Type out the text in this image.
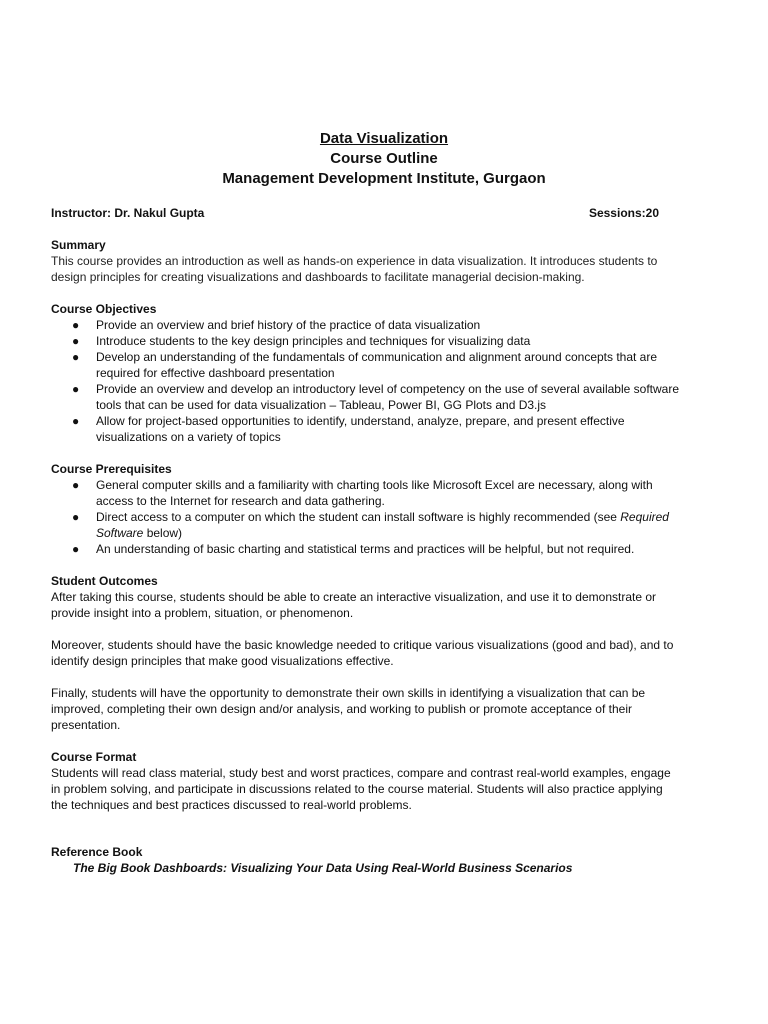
Data Visualization
Course Outline
Management Development Institute, Gurgaon
Instructor: Dr. Nakul Gupta	Sessions:20
Summary

This course provides an introduction as well as hands-on experience in data visualization. It introduces students to design principles for creating visualizations and dashboards to facilitate managerial decision-making.

Course Objectives
● Provide an overview and brief history of the practice of data visualization
● Introduce students to the key design principles and techniques for visualizing data
● Develop an understanding of the fundamentals of communication and alignment around concepts that are required for effective dashboard presentation
● Provide an overview and develop an introductory level of competency on the use of several available software tools that can be used for data visualization – Tableau, Power BI, GG Plots and D3.js
● Allow for project-based opportunities to identify, understand, analyze, prepare, and present effective visualizations on a variety of topics
Course Prerequisites
● General computer skills and a familiarity with charting tools like Microsoft Excel are necessary, along with access to the Internet for research and data gathering.
● Direct access to a computer on which the student can install software is highly recommended (see Required Software below)
● An understanding of basic charting and statistical terms and practices will be helpful, but not required.
Student Outcomes

After taking this course, students should be able to create an interactive visualization, and use it to demonstrate or provide insight into a problem, situation, or phenomenon.

Moreover, students should have the basic knowledge needed to critique various visualizations (good and bad), and to identify design principles that make good visualizations effective.

Finally, students will have the opportunity to demonstrate their own skills in identifying a visualization that can be improved, completing their own design and/or analysis, and working to publish or promote acceptance of their presentation.

Course Format

Students will read class material, study best and worst practices, compare and contrast real-world examples, engage in problem solving, and participate in discussions related to the course material. Students will also practice applying the techniques and best practices discussed to real-world problems.

Reference Book
The Big Book Dashboards: Visualizing Your Data Using Real-World Business Scenarios
